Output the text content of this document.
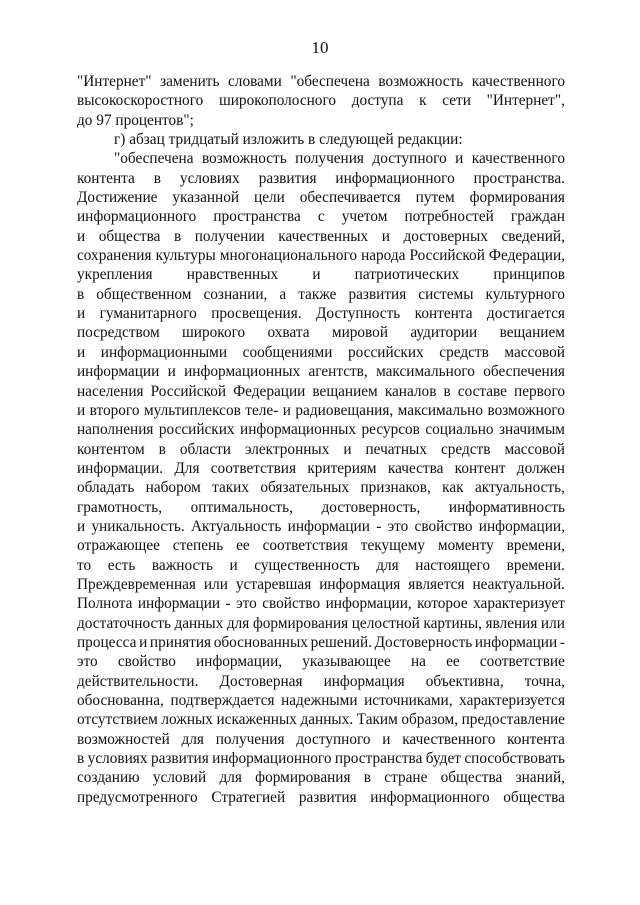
10
"Интернет" заменить словами "обеспечена возможность качественного
высокоскоростного широкополосного доступа к сети "Интернет",
до 97 процентов";
г) абзац тридцатый изложить в следующей редакции:
"обеспечена возможность получения доступного и качественного
контента в условиях развития информационного пространства.
Достижение указанной цели обеспечивается путем формирования
информационного пространства с учетом потребностей граждан
и общества в получении качественных и достоверных сведений,
сохранения культуры многонационального народа Российской Федерации,
укрепления нравственных и патриотических принципов
в общественном сознании, а также развития системы культурного
и гуманитарного просвещения. Доступность контента достигается
посредством широкого охвата мировой аудитории вещанием
и информационными сообщениями российских средств массовой
информации и информационных агентств, максимального обеспечения
населения Российской Федерации вещанием каналов в составе первого
и второго мультиплексов теле- и радиовещания, максимально возможного
наполнения российских информационных ресурсов социально значимым
контентом в области электронных и печатных средств массовой
информации. Для соответствия критериям качества контент должен
обладать набором таких обязательных признаков, как актуальность,
грамотность, оптимальность, достоверность, информативность
и уникальность. Актуальность информации - это свойство информации,
отражающее степень ее соответствия текущему моменту времени,
то есть важность и существенность для настоящего времени.
Преждевременная или устаревшая информация является неактуальной.
Полнота информации - это свойство информации, которое характеризует
достаточность данных для формирования целостной картины, явления или
процесса и принятия обоснованных решений. Достоверность информации -
это свойство информации, указывающее на ее соответствие
действительности. Достоверная информация объективна, точна,
обоснованна, подтверждается надежными источниками, характеризуется
отсутствием ложных искаженных данных. Таким образом, предоставление
возможностей для получения доступного и качественного контента
в условиях развития информационного пространства будет способствовать
созданию условий для формирования в стране общества знаний,
предусмотренного Стратегией развития информационного общества
